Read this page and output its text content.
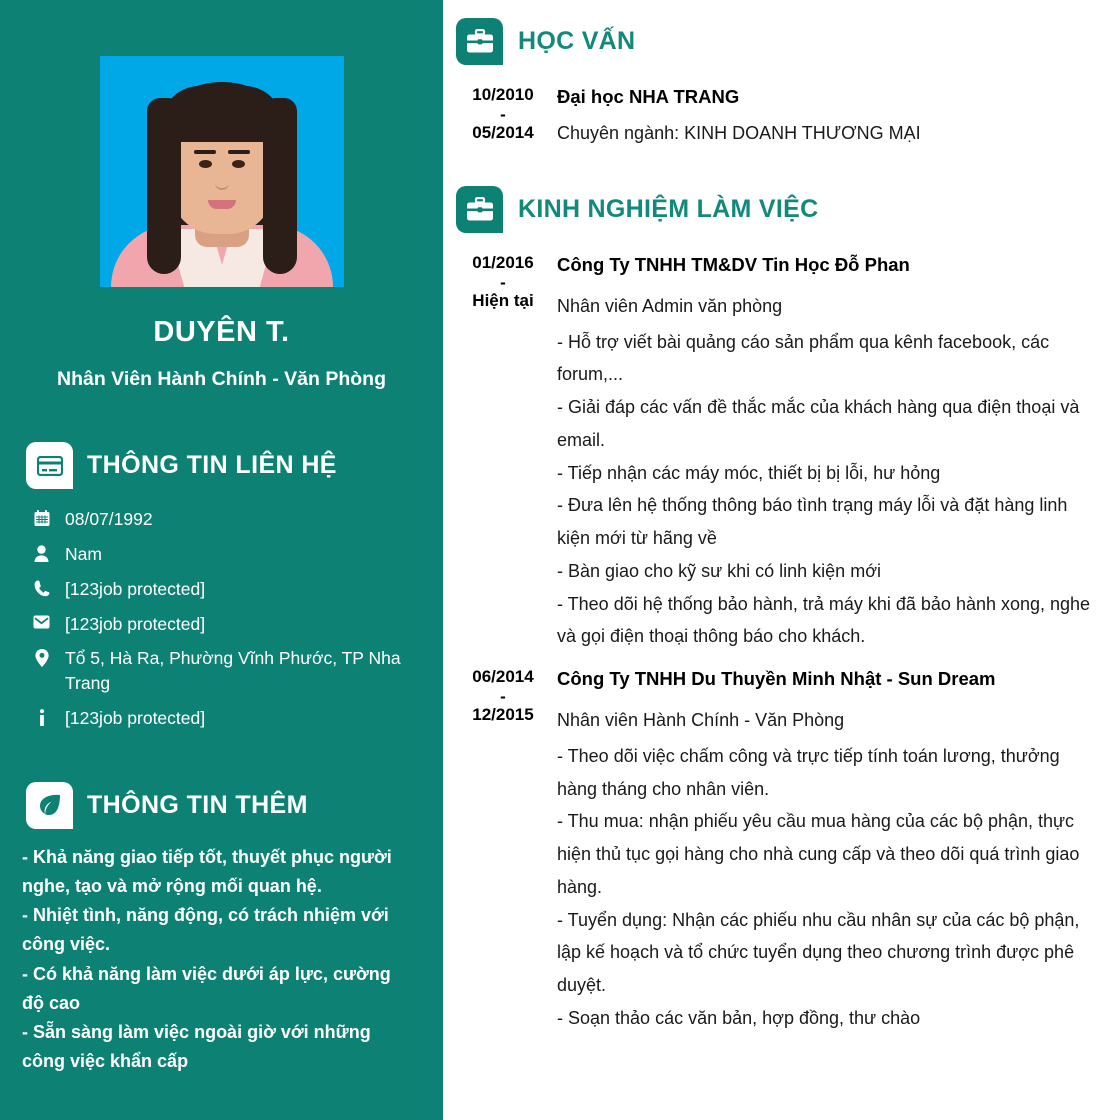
DUYÊN T.
Nhân Viên Hành Chính - Văn Phòng
THÔNG TIN LIÊN HỆ
08/07/1992
Nam
[123job protected]
[123job protected]
Tổ 5, Hà Ra, Phường Vĩnh Phước, TP Nha Trang
[123job protected]
THÔNG TIN THÊM
- Khả năng giao tiếp tốt, thuyết phục người nghe, tạo và mở rộng mối quan hệ.
- Nhiệt tình, năng động, có trách nhiệm với công việc.
- Có khả năng làm việc dưới áp lực, cường độ cao
- Sẵn sàng làm việc ngoài giờ với những công việc khẩn cấp
HỌC VẤN
10/2010
-
05/2014
Đại học NHA TRANG
Chuyên ngành: KINH DOANH THƯƠNG MẠI
KINH NGHIỆM LÀM VIỆC
01/2016
-
Hiện tại
Công Ty TNHH TM&DV Tin Học Đỗ Phan
Nhân viên Admin văn phòng
- Hỗ trợ viết bài quảng cáo sản phẩm qua kênh facebook, các forum,...
- Giải đáp các vấn đề thắc mắc của khách hàng qua điện thoại và email.
- Tiếp nhận các máy móc, thiết bị bị lỗi, hư hỏng
- Đưa lên hệ thống thông báo tình trạng máy lỗi và đặt hàng linh kiện mới từ hãng về
- Bàn giao cho kỹ sư khi có linh kiện mới
- Theo dõi hệ thống bảo hành, trả máy khi đã bảo hành xong, nghe và gọi điện thoại thông báo cho khách.
06/2014
-
12/2015
Công Ty TNHH Du Thuyền Minh Nhật - Sun Dream
Nhân viên Hành Chính - Văn Phòng
- Theo dõi việc chấm công và trực tiếp tính toán lương, thưởng hàng tháng cho nhân viên.
- Thu mua: nhận phiếu yêu cầu mua hàng của các bộ phận, thực hiện thủ tục gọi hàng cho nhà cung cấp và theo dõi quá trình giao hàng.
- Tuyển dụng: Nhận các phiếu nhu cầu nhân sự của các bộ phận, lập kế hoạch và tổ chức tuyển dụng theo chương trình được phê duyệt.
- Soạn thảo các văn bản, hợp đồng, thư chào
